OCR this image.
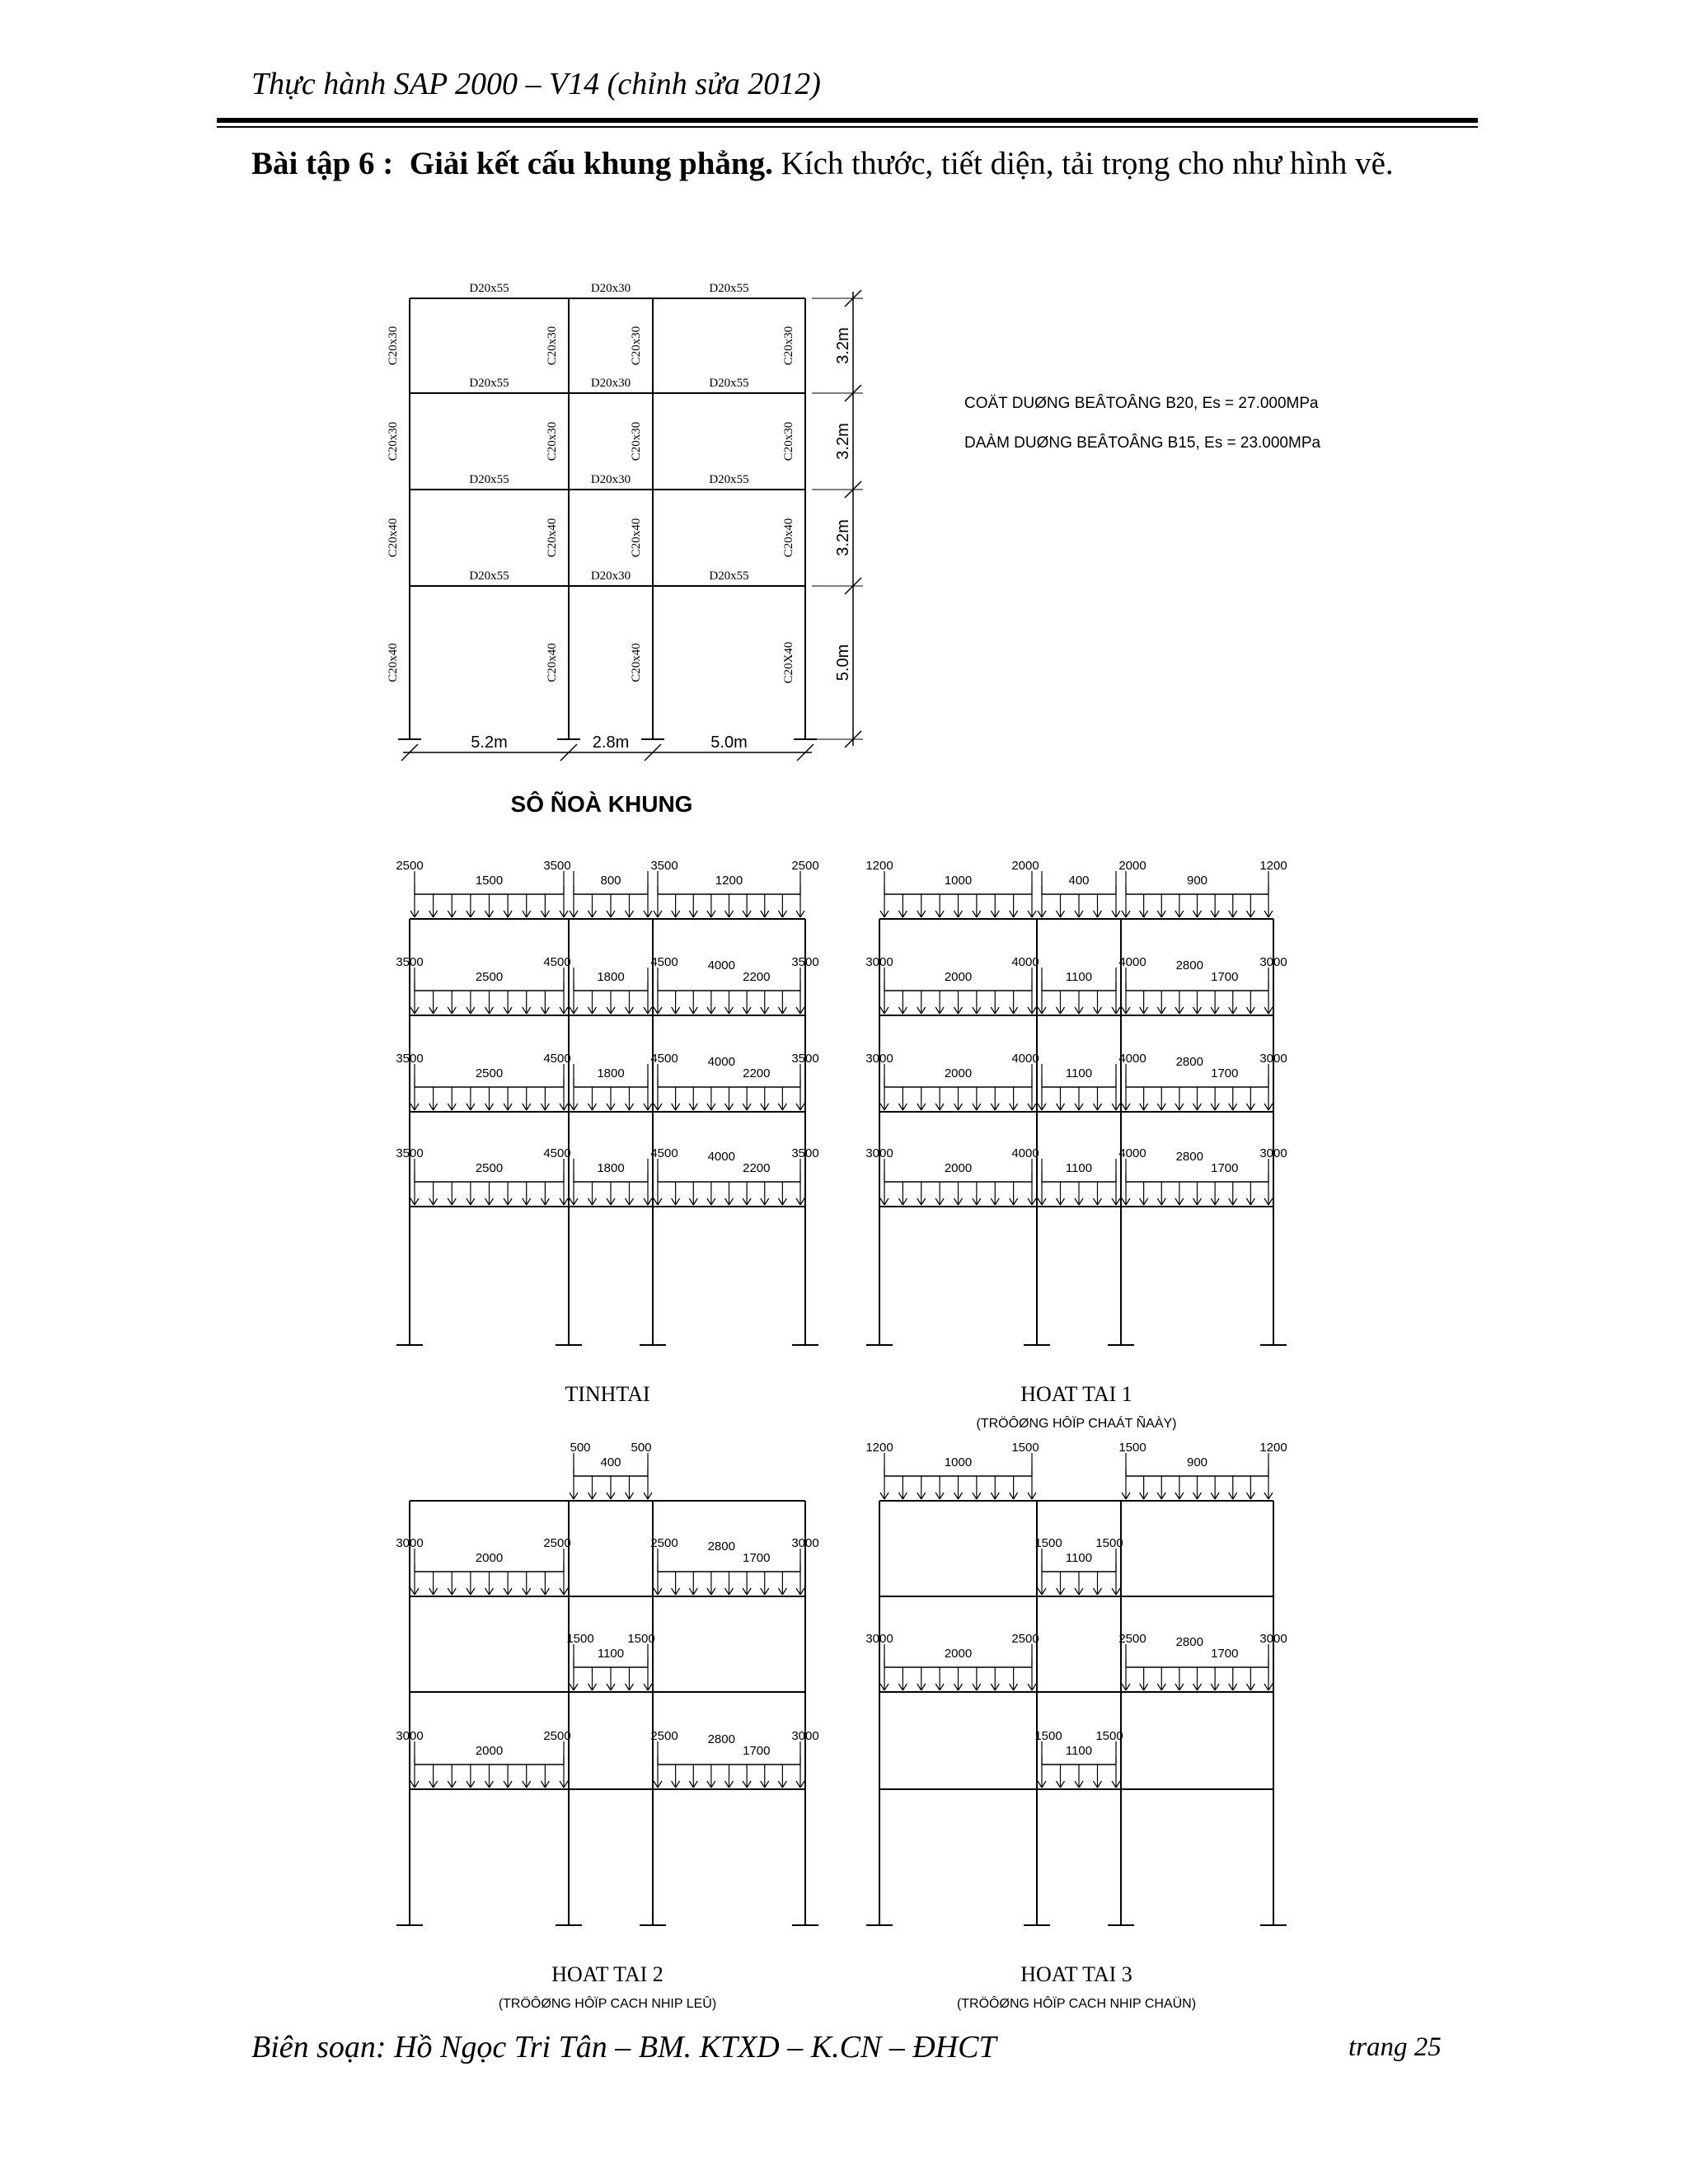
Thực hành SAP 2000 – V14 (chỉnh sửa 2012)
Bài tập 6 : Giải kết cấu khung phẳng. Kích thước, tiết diện, tải trọng cho như hình vẽ.
D20x55	D20x30	D20x55
D20x55	D20x30	D20x55
D20x55	D20x30	D20x55
D20x55	D20x30	D20x55
C20x30	C20x30	C20x30	C20x30
C20x30	C20x30	C20x30	C20x30
C20x40	C20x40	C20x40	C20x40
C20x40	C20x40	C20x40	C20X40
3.2m
3.2m
3.2m
5.0m
5.2m	2.8m	5.0m
SÔ ÑOÀ KHUNG
COÄT DUØNG BEÂTOÂNG B20, Es = 27.000MPa
DAÀM DUØNG BEÂTOÂNG B15, Es = 23.000MPa
2500	3500
1500	800
3500	2500
1200
3500	4500
2500	1800
4500	3500
2200
4000
3500	4500
2500	1800
4500	3500
2200
4000
3500	4500
2500	1800
4500	3500
2200
4000
TINHTAI
1200	2000
1000	400
2000	1200
900
3000	4000
2000	1100
4000	3000
1700
2800
3000	4000
2000	1100
4000	3000
1700
2800
3000	4000
2000	1100
4000	3000
1700
2800
HOAT TAI 1
(TRÖÔØNG HÔÏP CHAÁT ÑAÀY)
500	500
400
3000	2500
2000
2500	3000
1700
2800
1500	1500
1100
3000	2500
2000
2500	3000
1700
2800
HOAT TAI 2
(TRÖÔØNG HÔÏP CACH NHIP LEÛ)
1200	1500
1000
1500	1200
900
1500	1500
1100
3000	2500
2000
2500	3000
1700
2800
1500	1500
1100
HOAT TAI 3
(TRÖÔØNG HÔÏP CACH NHIP CHAÜN)
Biên soạn: Hồ Ngọc Tri Tân – BM. KTXD – K.CN – ĐHCT	trang 25
